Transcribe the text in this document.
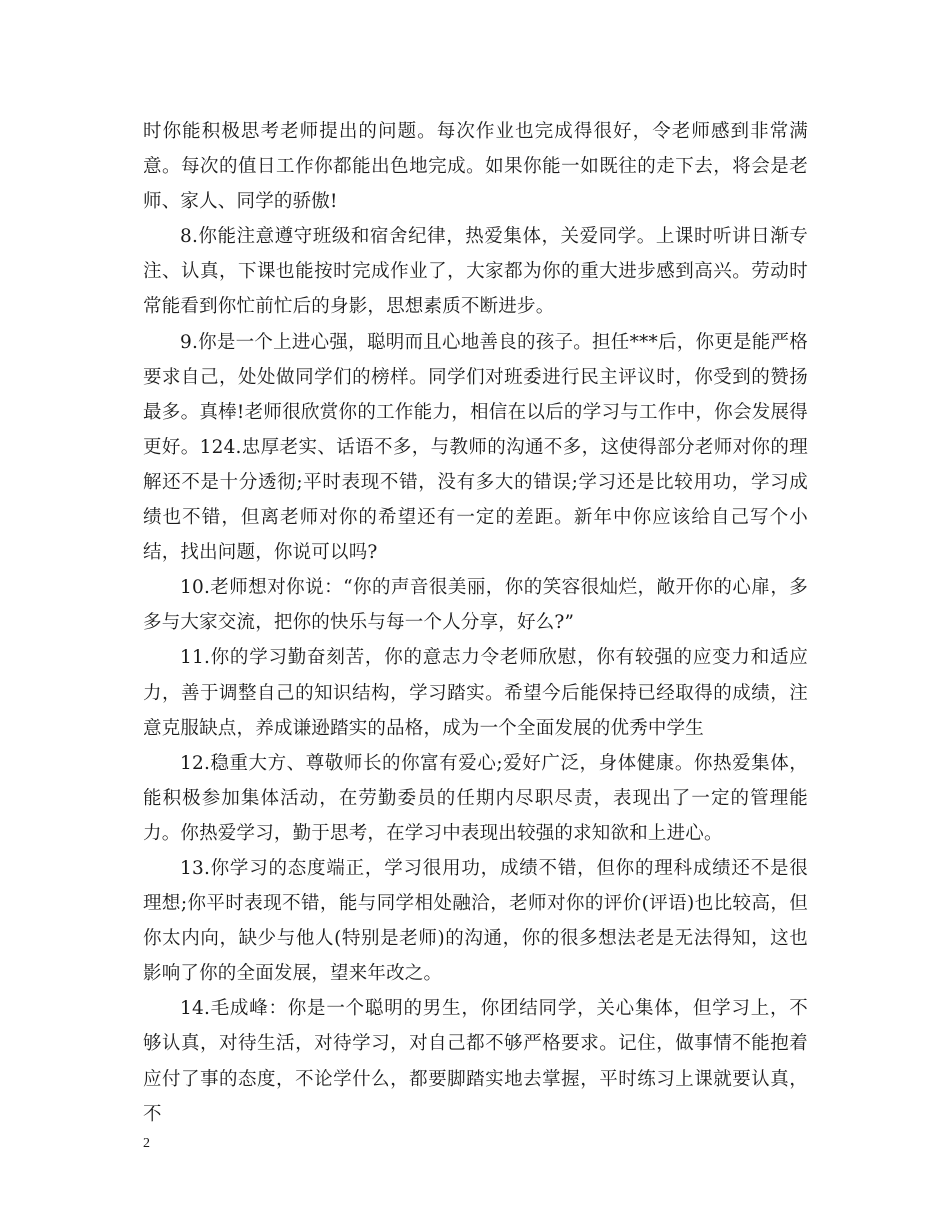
时你能积极思考老师提出的问题。每次作业也完成得很好，令老师感到非常满意。每次的值日工作你都能出色地完成。如果你能一如既往的走下去，将会是老师、家人、同学的骄傲!

8.你能注意遵守班级和宿舍纪律，热爱集体，关爱同学。上课时听讲日渐专注、认真，下课也能按时完成作业了，大家都为你的重大进步感到高兴。劳动时常能看到你忙前忙后的身影，思想素质不断进步。

9.你是一个上进心强，聪明而且心地善良的孩子。担任***后，你更是能严格要求自己，处处做同学们的榜样。同学们对班委进行民主评议时，你受到的赞扬最多。真棒!老师很欣赏你的工作能力，相信在以后的学习与工作中，你会发展得更好。124.忠厚老实、话语不多，与教师的沟通不多，这使得部分老师对你的理解还不是十分透彻;平时表现不错，没有多大的错误;学习还是比较用功，学习成绩也不错，但离老师对你的希望还有一定的差距。新年中你应该给自己写个小结，找出问题，你说可以吗?

10.老师想对你说：“你的声音很美丽，你的笑容很灿烂，敞开你的心扉，多多与大家交流，把你的快乐与每一个人分享，好么?”

11.你的学习勤奋刻苦，你的意志力令老师欣慰，你有较强的应变力和适应力，善于调整自己的知识结构，学习踏实。希望今后能保持已经取得的成绩，注意克服缺点，养成谦逊踏实的品格，成为一个全面发展的优秀中学生

12.稳重大方、尊敬师长的你富有爱心;爱好广泛，身体健康。你热爱集体，能积极参加集体活动，在劳勤委员的任期内尽职尽责，表现出了一定的管理能力。你热爱学习，勤于思考，在学习中表现出较强的求知欲和上进心。

13.你学习的态度端正，学习很用功，成绩不错，但你的理科成绩还不是很理想;你平时表现不错，能与同学相处融洽，老师对你的评价(评语)也比较高，但你太内向，缺少与他人(特别是老师)的沟通，你的很多想法老是无法得知，这也影响了你的全面发展，望来年改之。

14.毛成峰：你是一个聪明的男生，你团结同学，关心集体，但学习上，不够认真，对待生活，对待学习，对自己都不够严格要求。记住，做事情不能抱着应付了事的态度，不论学什么，都要脚踏实地去掌握，平时练习上课就要认真，不

2
